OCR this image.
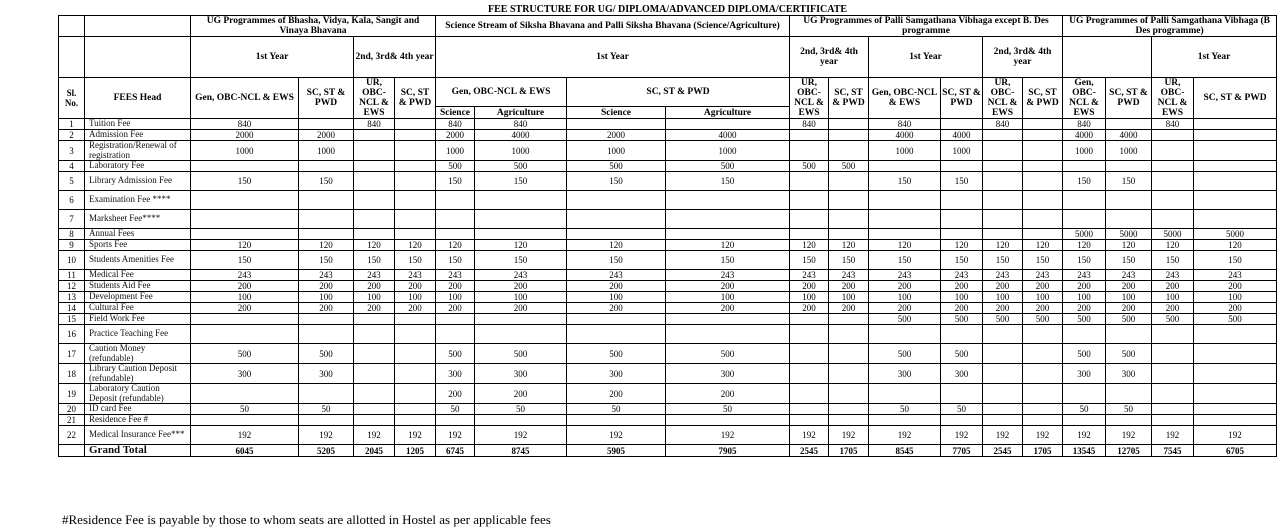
FEE STRUCTURE FOR UG/ DIPLOMA/ADVANCED DIPLOMA/CERTIFICATE																				
		UG Programmes of Bhasha, Vidya, Kala, Sangit and Vinaya Bhavana				Science Stream of Siksha Bhavana and Palli Siksha Bhavana (Science/Agriculture)				UG Programmes of Palli Samgathana Vibhaga except B. Des programme						UG Programmes of Palli Samgathana Vibhaga (B Des programme)				
		1st Year		2nd, 3rd& 4th year		1st Year				2nd, 3rd& 4th year		1st Year		2nd, 3rd& 4th year				1st Year	
Sl. No.	FEES Head	Gen, OBC-NCL & EWS	SC, ST & PWD	UR, OBC-NCL & EWS	SC, ST & PWD	Gen, OBC-NCL & EWS		SC, ST & PWD		UR, OBC-NCL & EWS	SC, ST & PWD	Gen, OBC-NCL & EWS	SC, ST & PWD	UR, OBC-NCL & EWS	SC, ST & PWD	Gen, OBC-NCL & EWS	SC, ST & PWD	UR, OBC-NCL & EWS	SC, ST & PWD	
						Science	Agriculture	Science	Agriculture											
1	Tuition Fee	840		840		840	840			840		840		840		840		840		
2	Admission Fee	2000	2000			2000	4000	2000	4000			4000	4000			4000	4000			
3	Registration/Renewal of registration	1000	1000			1000	1000	1000	1000			1000	1000			1000	1000			
4	Laboratory Fee					500	500	500	500	500	500									
5	Library Admission Fee	150	150			150	150	150	150			150	150			150	150			
6	Examination Fee ****																			
7	Marksheet Fee****																			
8	Annual Fees															5000	5000	5000	5000	
9	Sports Fee	120	120	120	120	120	120	120	120	120	120	120	120	120	120	120	120	120	120	
10	Students Amenities Fee	150	150	150	150	150	150	150	150	150	150	150	150	150	150	150	150	150	150	
11	Medical Fee	243	243	243	243	243	243	243	243	243	243	243	243	243	243	243	243	243	243	
12	Students Aid Fee	200	200	200	200	200	200	200	200	200	200	200	200	200	200	200	200	200	200	
13	Development Fee	100	100	100	100	100	100	100	100	100	100	100	100	100	100	100	100	100	100	
14	Cultural Fee	200	200	200	200	200	200	200	200	200	200	200	200	200	200	200	200	200	200	
15	Field Work Fee											500	500	500	500	500	500	500	500	
16	Practice Teaching Fee																			
17	Caution Money (refundable)	500	500			500	500	500	500			500	500			500	500			
18	Library Caution Deposit (refundable)	300	300			300	300	300	300			300	300			300	300			
19	Laboratory Caution Deposit (refundable)					200	200	200	200											
20	ID card Fee	50	50			50	50	50	50			50	50			50	50			
21	Residence Fee #																			
22	Medical Insurance Fee***	192	192	192	192	192	192	192	192	192	192	192	192	192	192	192	192	192	192	
	Grand Total	6045	5205	2045	1205	6745	8745	5905	7905	2545	1705	8545	7705	2545	1705	13545	12705	7545	6705	
#Residence Fee is payable by those to whom seats are allotted in Hostel as per applicable fees
